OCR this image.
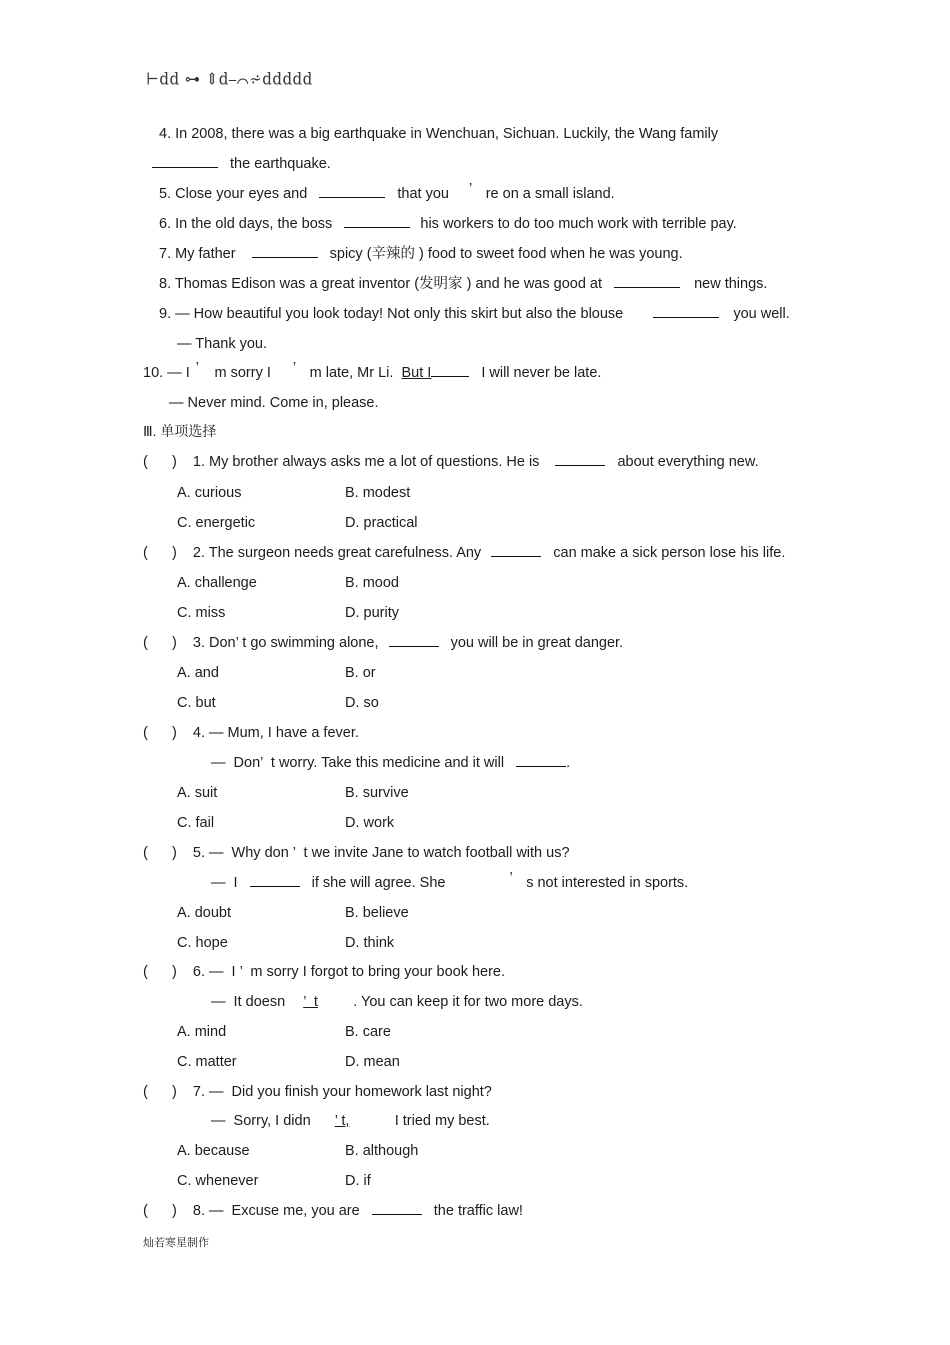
⊢dd ⊶ ⇕d⎯⌒⩫ddddd
4. In 2008, there was a big earthquake in Wenchuan, Sichuan. Luckily, the Wang family
the earthquake.
5. Close your eyes and	that you ’ re on a small island.
6. In the old days, the boss	his workers to do too much work with terrible pay.
7. My father	spicy (辛辣的 ) food to sweet food when he was young.
8. Thomas Edison was a great inventor (发明家 ) and he was good at	new things.
9. — How beautiful you look today! Not only this skirt but also the blouse	you well.
— Thank you.
10. — I ’ m sorry I ’ m late, Mr Li. But I	I will never be late.
— Never mind. Come in, please.
Ⅲ. 单项选择
(      ) 1. My brother always asks me a lot of questions. He is	about everything new.
A. curious	B. modest
C. energetic	D. practical
(      ) 2. The surgeon needs great carefulness. Any	can make a sick person lose his life.
A. challenge	B. mood
C. miss	D. purity
(      ) 3. Don’ t go swimming alone,	you will be in great danger.
A. and	B. or
C. but	D. so
(      ) 4. — Mum, I have a fever.
—  Don’  t worry. Take this medicine and it will	.
A. suit	B. survive
C. fail	D. work
(      ) 5. —  Why don ’  t we invite Jane to watch football with us?
—  I	if she will agree. She	’ s not interested in sports.
A. doubt	B. believe
C. hope	D. think
(      ) 6. —  I ’  m sorry I forgot to bring your book here.
—  It doesn ’  t . You can keep it for two more days.
A. mind	B. care
C. matter	D. mean
(      ) 7. —  Did you finish your homework last night?
—  Sorry, I didn ’ t,	I tried my best.
A. because	B. although
C. whenever	D. if
(      ) 8. —  Excuse me, you are	the traffic law!
灿若寒星制作
